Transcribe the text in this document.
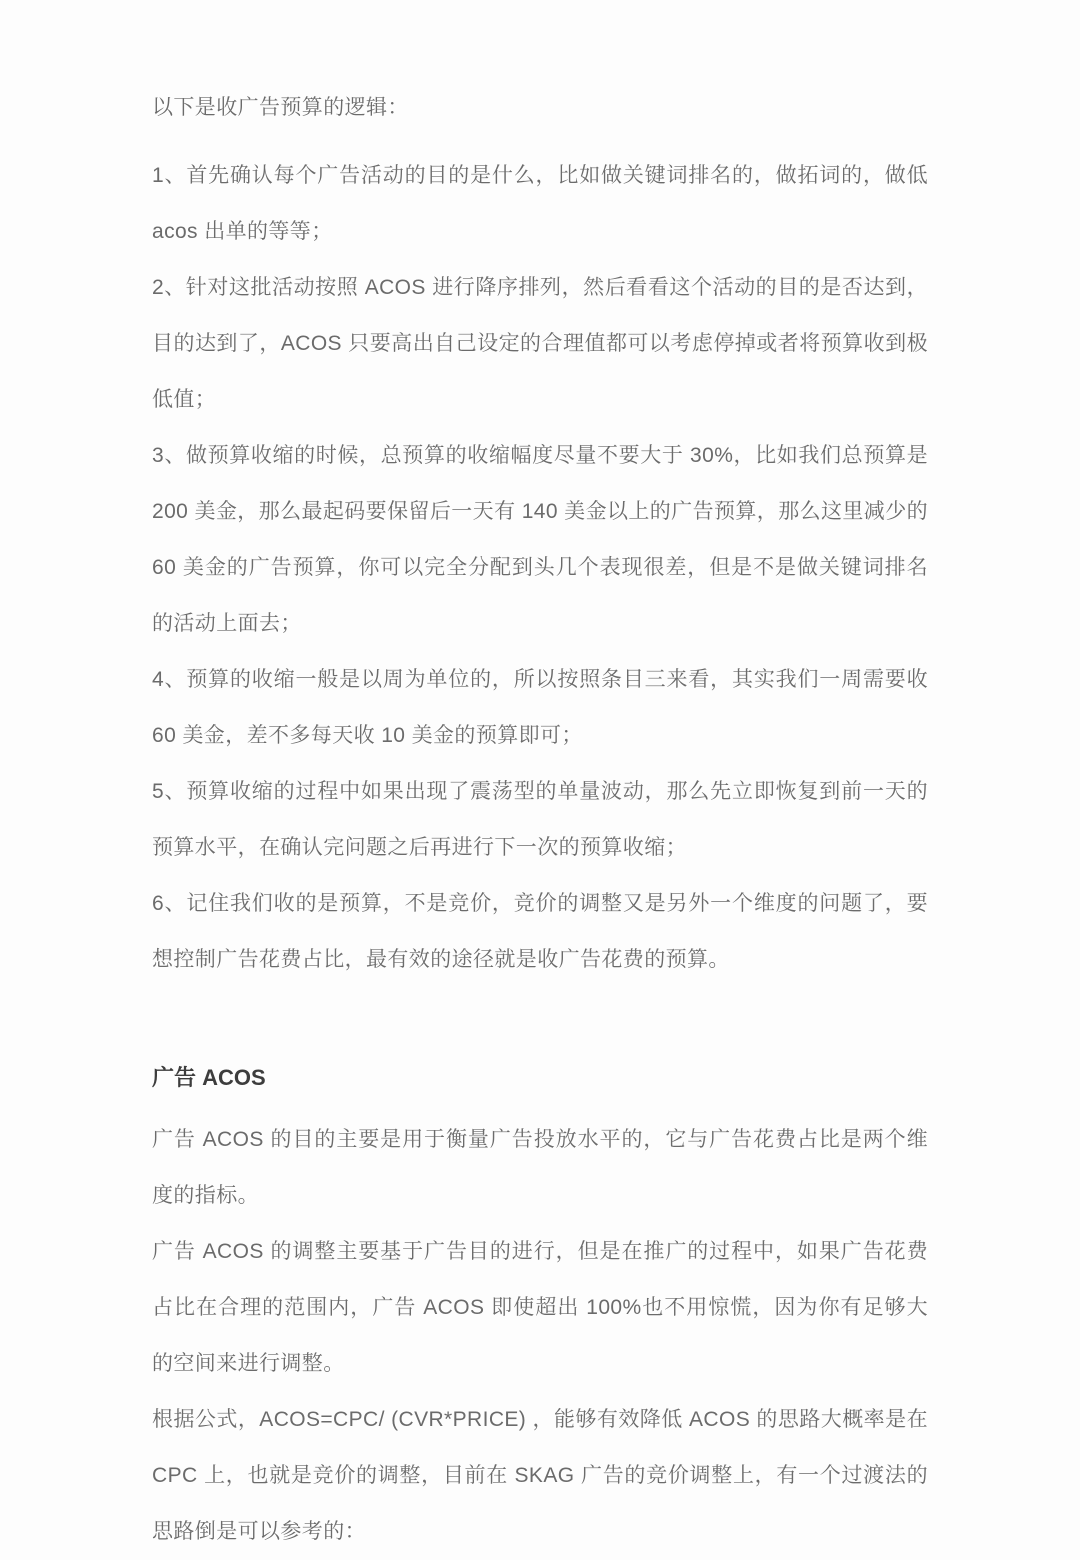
以下是收广告预算的逻辑：

1、首先确认每个广告活动的目的是什么，比如做关键词排名的，做拓词的，做低 acos 出单的等等；

2、针对这批活动按照 ACOS 进行降序排列，然后看看这个活动的目的是否达到，目的达到了，ACOS 只要高出自己设定的合理值都可以考虑停掉或者将预算收到极低值；

3、做预算收缩的时候，总预算的收缩幅度尽量不要大于 30%，比如我们总预算是 200 美金，那么最起码要保留后一天有 140 美金以上的广告预算，那么这里减少的 60 美金的广告预算，你可以完全分配到头几个表现很差，但是不是做关键词排名的活动上面去；

4、预算的收缩一般是以周为单位的，所以按照条目三来看，其实我们一周需要收 60 美金，差不多每天收 10 美金的预算即可；

5、预算收缩的过程中如果出现了震荡型的单量波动，那么先立即恢复到前一天的预算水平，在确认完问题之后再进行下一次的预算收缩；

6、记住我们收的是预算，不是竞价，竞价的调整又是另外一个维度的问题了，要想控制广告花费占比，最有效的途径就是收广告花费的预算。

广告 ACOS

广告 ACOS 的目的主要是用于衡量广告投放水平的，它与广告花费占比是两个维度的指标。

广告 ACOS 的调整主要基于广告目的进行，但是在推广的过程中，如果广告花费占比在合理的范围内，广告 ACOS 即使超出 100%也不用惊慌，因为你有足够大的空间来进行调整。

根据公式，ACOS=CPC/ (CVR*PRICE) ，能够有效降低 ACOS 的思路大概率是在 CPC 上，也就是竞价的调整，目前在 SKAG 广告的竞价调整上，有一个过渡法的思路倒是可以参考的：
